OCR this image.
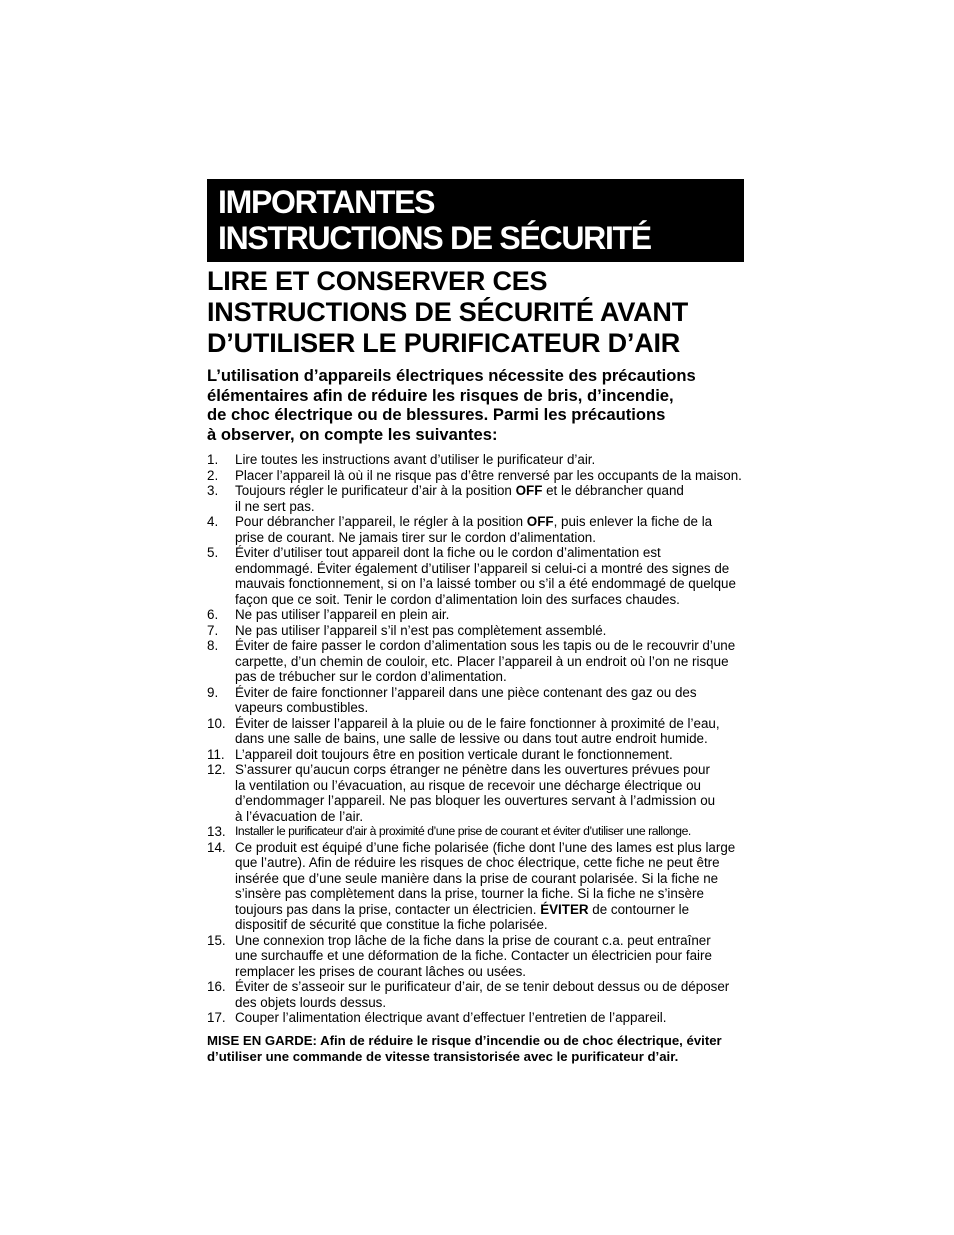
IMPORTANTES
INSTRUCTIONS DE SÉCURITÉ
LIRE ET CONSERVER CES
INSTRUCTIONS DE SÉCURITÉ AVANT
D’UTILISER LE PURIFICATEUR D’AIR

L’utilisation d’appareils électriques nécessite des précautions
élémentaires afin de réduire les risques de bris, d’incendie,
de choc électrique ou de blessures. Parmi les précautions
à observer, on compte les suivantes:

1. Lire toutes les instructions avant d’utiliser le purificateur d’air.
2. Placer l’appareil là où il ne risque pas d’être renversé par les occupants de la maison.
3. Toujours régler le purificateur d’air à la position OFF et le débrancher quand
il ne sert pas.
4. Pour débrancher l’appareil, le régler à la position OFF, puis enlever la fiche de la
prise de courant. Ne jamais tirer sur le cordon d’alimentation.
5. Éviter d’utiliser tout appareil dont la fiche ou le cordon d’alimentation est
endommagé. Éviter également d’utiliser l’appareil si celui-ci a montré des signes de
mauvais fonctionnement, si on l’a laissé tomber ou s’il a été endommagé de quelque
façon que ce soit. Tenir le cordon d’alimentation loin des surfaces chaudes.
6. Ne pas utiliser l’appareil en plein air.
7. Ne pas utiliser l’appareil s’il n’est pas complètement assemblé.
8. Éviter de faire passer le cordon d’alimentation sous les tapis ou de le recouvrir d’une
carpette, d’un chemin de couloir, etc. Placer l’appareil à un endroit où l’on ne risque
pas de trébucher sur le cordon d’alimentation.
9. Éviter de faire fonctionner l’appareil dans une pièce contenant des gaz ou des
vapeurs combustibles.
10. Éviter de laisser l’appareil à la pluie ou de le faire fonctionner à proximité de l’eau,
dans une salle de bains, une salle de lessive ou dans tout autre endroit humide.
11. L’appareil doit toujours être en position verticale durant le fonctionnement.
12. S’assurer qu’aucun corps étranger ne pénètre dans les ouvertures prévues pour
la ventilation ou l’évacuation, au risque de recevoir une décharge électrique ou
d’endommager l’appareil. Ne pas bloquer les ouvertures servant à l’admission ou
à l’évacuation de l’air.
13. Installer le purificateur d’air à proximité d’une prise de courant et éviter d’utiliser une rallonge.
14. Ce produit est équipé d’une fiche polarisée (fiche dont l’une des lames est plus large
que l’autre). Afin de réduire les risques de choc électrique, cette fiche ne peut être
insérée que d’une seule manière dans la prise de courant polarisée. Si la fiche ne
s’insère pas complètement dans la prise, tourner la fiche. Si la fiche ne s’insère
toujours pas dans la prise, contacter un électricien. ÉVITER de contourner le
dispositif de sécurité que constitue la fiche polarisée.
15. Une connexion trop lâche de la fiche dans la prise de courant c.a. peut entraîner
une surchauffe et une déformation de la fiche. Contacter un électricien pour faire
remplacer les prises de courant lâches ou usées.
16. Éviter de s’asseoir sur le purificateur d’air, de se tenir debout dessus ou de déposer
des objets lourds dessus.
17. Couper l’alimentation électrique avant d’effectuer l’entretien de l’appareil.

MISE EN GARDE: Afin de réduire le risque d’incendie ou de choc électrique, éviter
d’utiliser une commande de vitesse transistorisée avec le purificateur d’air.
